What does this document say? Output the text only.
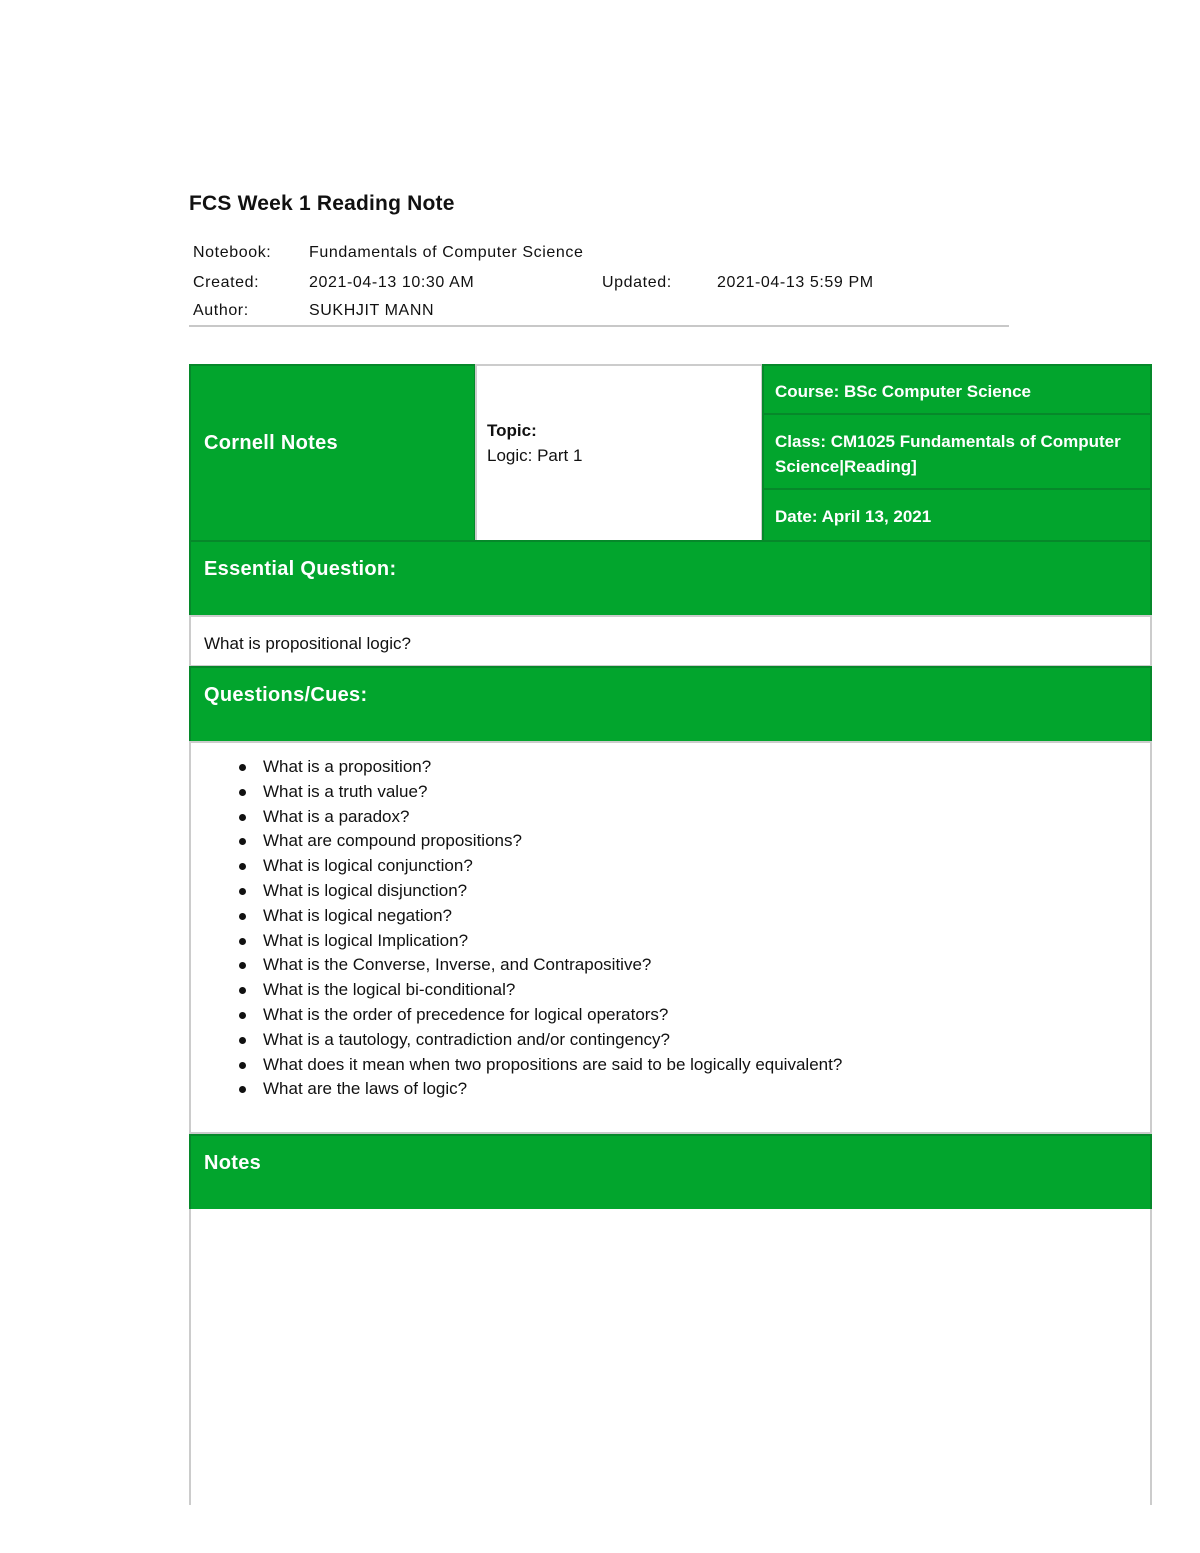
FCS Week 1 Reading Note
Notebook: Fundamentals of Computer Science
Created:	2021-04-13 10:30 AM	Updated:	2021-04-13 5:59 PM
Author:	SUKHJIT MANN
Cornell Notes
Topic:
Logic: Part 1
Course: BSc Computer Science
Class: CM1025 Fundamentals of Computer Science|Reading]
Date: April 13, 2021
Essential Question:
What is propositional logic?
Questions/Cues:
What is a proposition?
What is a truth value?
What is a paradox?
What are compound propositions?
What is logical conjunction?
What is logical disjunction?
What is logical negation?
What is logical Implication?
What is the Converse, Inverse, and Contrapositive?
What is the logical bi-conditional?
What is the order of precedence for logical operators?
What is a tautology, contradiction and/or contingency?
What does it mean when two propositions are said to be logically equivalent?
What are the laws of logic?
Notes
